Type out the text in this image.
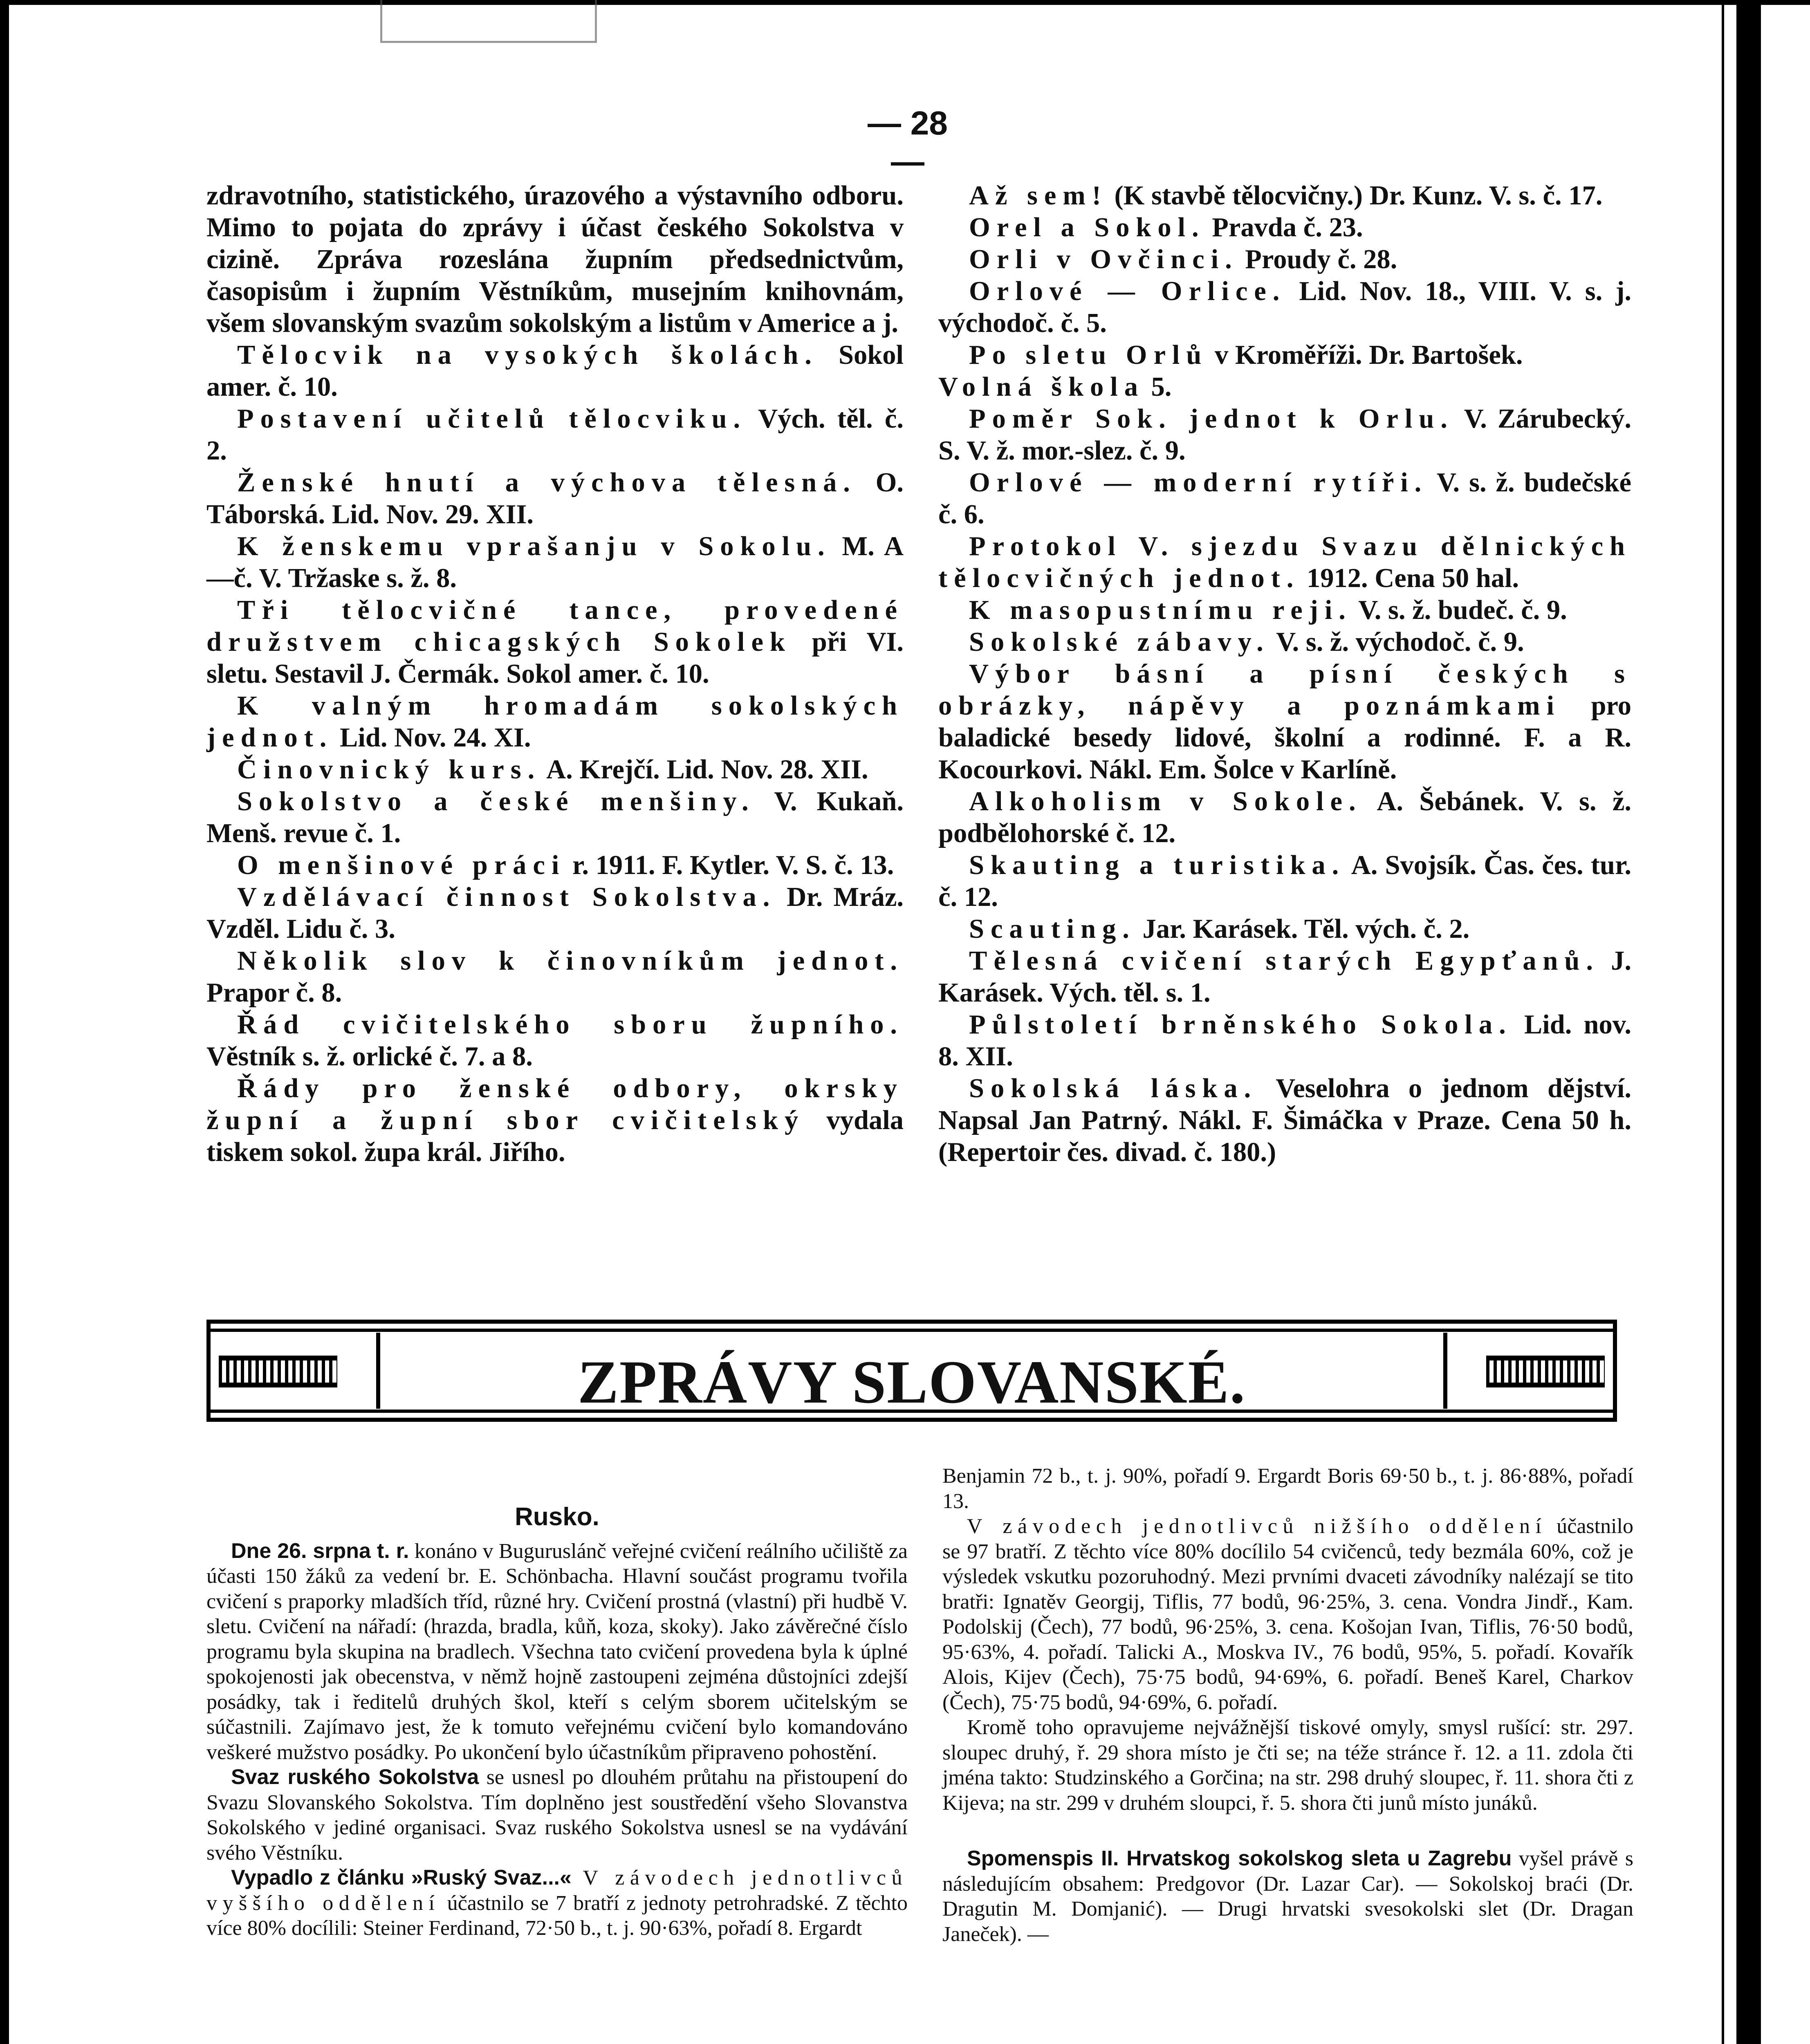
— 28 —

zdravotního, statistického, úrazového a výstavního odboru. Mimo to pojata do zprávy i účast českého Sokolstva v cizině. Zpráva rozeslána župním předsednictvům, časopisům i župním Věstníkům, musejním knihovnám, všem slovanským svazům sokolským a listům v Americe a j.

Tělocvik na vysokých školách. Sokol amer. č. 10.

Postavení učitelů tělocviku. Vých. těl. č. 2.

Ženské hnutí a výchova tělesná. O. Táborská. Lid. Nov. 29. XII.

K ženskemu vprašanju v Sokolu. M. A—č. V. Tržaske s. ž. 8.

Tři tělocvičné tance, provedené družstvem chicagských Sokolek při VI. sletu. Sestavil J. Čermák. Sokol amer. č. 10.

K valným hromadám sokolských jednot. Lid. Nov. 24. XI.

Činovnický kurs. A. Krejčí. Lid. Nov. 28. XII.

Sokolstvo a české menšiny. V. Kukaň. Menš. revue č. 1.

O menšinové práci r. 1911. F. Kytler. V. S. č. 13.

Vzdělávací činnost Sokolstva. Dr. Mráz. Vzděl. Lidu č. 3.

Několik slov k činovníkům jednot. Prapor č. 8.

Řád cvičitelského sboru župního. Věstník s. ž. orlické č. 7. a 8.

Řády pro ženské odbory, okrsky župní a župní sbor cvičitelský vydala tiskem sokol. župa král. Jiřího.

Až sem! (K stavbě tělocvičny.) Dr. Kunz. V. s. č. 17.

Orel a Sokol. Pravda č. 23.

Orli v Ovčinci. Proudy č. 28.

Orlové — Orlice. Lid. Nov. 18., VIII. V. s. j. východoč. č. 5.

Po sletu Orlů v Kroměříži. Dr. Bartošek.

Volná škola 5.

Poměr Sok. jednot k Orlu. V. Zárubecký. S. V. ž. mor.-slez. č. 9.

Orlové — moderní rytíři. V. s. ž. budečské č. 6.

Protokol V. sjezdu Svazu dělnických tělocvičných jednot. 1912. Cena 50 hal.

K masopustnímu reji. V. s. ž. budeč. č. 9.

Sokolské zábavy. V. s. ž. východoč. č. 9.

Výbor básní a písní českých s obrázky, nápěvy a poznámkami pro baladické besedy lidové, školní a rodinné. F. a R. Kocourkovi. Nákl. Em. Šolce v Karlíně.

Alkoholism v Sokole. A. Šebánek. V. s. ž. podbělohorské č. 12.

Skauting a turistika. A. Svojsík. Čas. čes. tur. č. 12.

Scauting. Jar. Karásek. Těl. vých. č. 2.

Tělesná cvičení starých Egypťanů. J. Karásek. Vých. těl. s. 1.

Půlstoletí brněnského Sokola. Lid. nov. 8. XII.

Sokolská láska. Veselohra o jednom dějství. Napsal Jan Patrný. Nákl. F. Šimáčka v Praze. Cena 50 h. (Repertoir čes. divad. č. 180.)

ZPRÁVY SLOVANSKÉ.

Rusko.

Dne 26. srpna t. r. konáno v Buguruslánč veřejné cvičení reálního učiliště za účasti 150 žáků za vedení br. E. Schönbacha. Hlavní součást programu tvořila cvičení s praporky mladších tříd, různé hry. Cvičení prostná (vlastní) při hudbě V. sletu. Cvičení na nářadí: (hrazda, bradla, kůň, koza, skoky). Jako závěrečné číslo programu byla skupina na bradlech. Všechna tato cvičení provedena byla k úplné spokojenosti jak obecenstva, v němž hojně zastoupeni zejména důstojníci zdejší posádky, tak i ředitelů druhých škol, kteří s celým sborem učitelským se súčastnili. Zajímavo jest, že k tomuto veřejnému cvičení bylo komandováno veškeré mužstvo posádky. Po ukončení bylo účastníkům připraveno pohostění.

Svaz ruského Sokolstva se usnesl po dlouhém průtahu na přistoupení do Svazu Slovanského Sokolstva. Tím doplněno jest soustředění všeho Slovanstva Sokolského v jediné organisaci. Svaz ruského Sokolstva usnesl se na vydávání svého Věstníku.

Vypadlo z článku »Ruský Svaz...« V závodech jednotlivců vyššího oddělení účastnilo se 7 bratří z jednoty petrohradské. Z těchto více 80% docílili: Steiner Ferdinand, 72·50 b., t. j. 90·63%, pořadí 8. Ergardt

Benjamin 72 b., t. j. 90%, pořadí 9. Ergardt Boris 69·50 b., t. j. 86·88%, pořadí 13.

V závodech jednotlivců nižšího oddělení účastnilo se 97 bratří. Z těchto více 80% docílilo 54 cvičenců, tedy bezmála 60%, což je výsledek vskutku pozoruhodný. Mezi prvními dvaceti závodníky nalézají se tito bratři: Ignatěv Georgij, Tiflis, 77 bodů, 96·25%, 3. cena. Vondra Jindř., Kam. Podolskij (Čech), 77 bodů, 96·25%, 3. cena. Košojan Ivan, Tiflis, 76·50 bodů, 95·63%, 4. pořadí. Talicki A., Moskva IV., 76 bodů, 95%, 5. pořadí. Kovařík Alois, Kijev (Čech), 75·75 bodů, 94·69%, 6. pořadí. Beneš Karel, Charkov (Čech), 75·75 bodů, 94·69%, 6. pořadí.

Kromě toho opravujeme nejvážnější tiskové omyly, smysl rušící: str. 297. sloupec druhý, ř. 29 shora místo je čti se; na téže stránce ř. 12. a 11. zdola čti jména takto: Studzinského a Gorčina; na str. 298 druhý sloupec, ř. 11. shora čti z Kijeva; na str. 299 v druhém sloupci, ř. 5. shora čti junů místo junáků.

Spomenspis II. Hrvatskog sokolskog sleta u Zagrebu vyšel právě s následujícím obsahem: Predgovor (Dr. Lazar Car). — Sokolskoj braći (Dr. Dragutin M. Domjanić). — Drugi hrvatski svesokolski slet (Dr. Dragan Janeček). —
